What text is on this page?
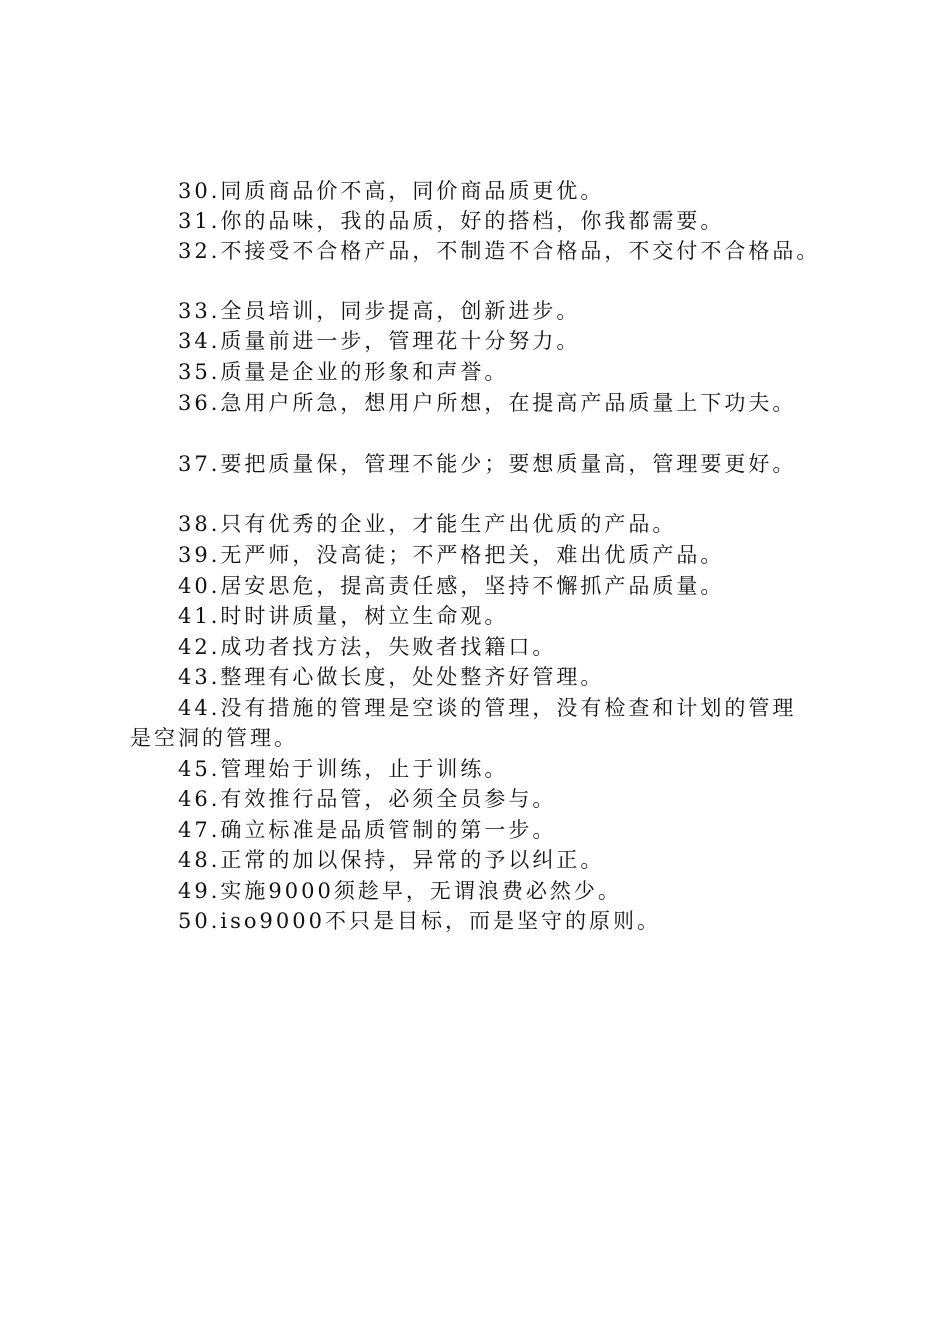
30.同质商品价不高，同价商品质更优。
31.你的品味，我的品质，好的搭档，你我都需要。
32.不接受不合格产品，不制造不合格品，不交付不合格品。
33.全员培训，同步提高，创新进步。
34.质量前进一步，管理花十分努力。
35.质量是企业的形象和声誉。
36.急用户所急，想用户所想，在提高产品质量上下功夫。
37.要把质量保，管理不能少；要想质量高，管理要更好。
38.只有优秀的企业，才能生产出优质的产品。
39.无严师，没高徒；不严格把关，难出优质产品。
40.居安思危，提高责任感，坚持不懈抓产品质量。
41.时时讲质量，树立生命观。
42.成功者找方法，失败者找籍口。
43.整理有心做长度，处处整齐好管理。
44.没有措施的管理是空谈的管理，没有检查和计划的管理
是空洞的管理。
45.管理始于训练，止于训练。
46.有效推行品管，必须全员参与。
47.确立标准是品质管制的第一步。
48.正常的加以保持，异常的予以纠正。
49.实施9000须趁早，无谓浪费必然少。
50.iso9000不只是目标，而是坚守的原则。
